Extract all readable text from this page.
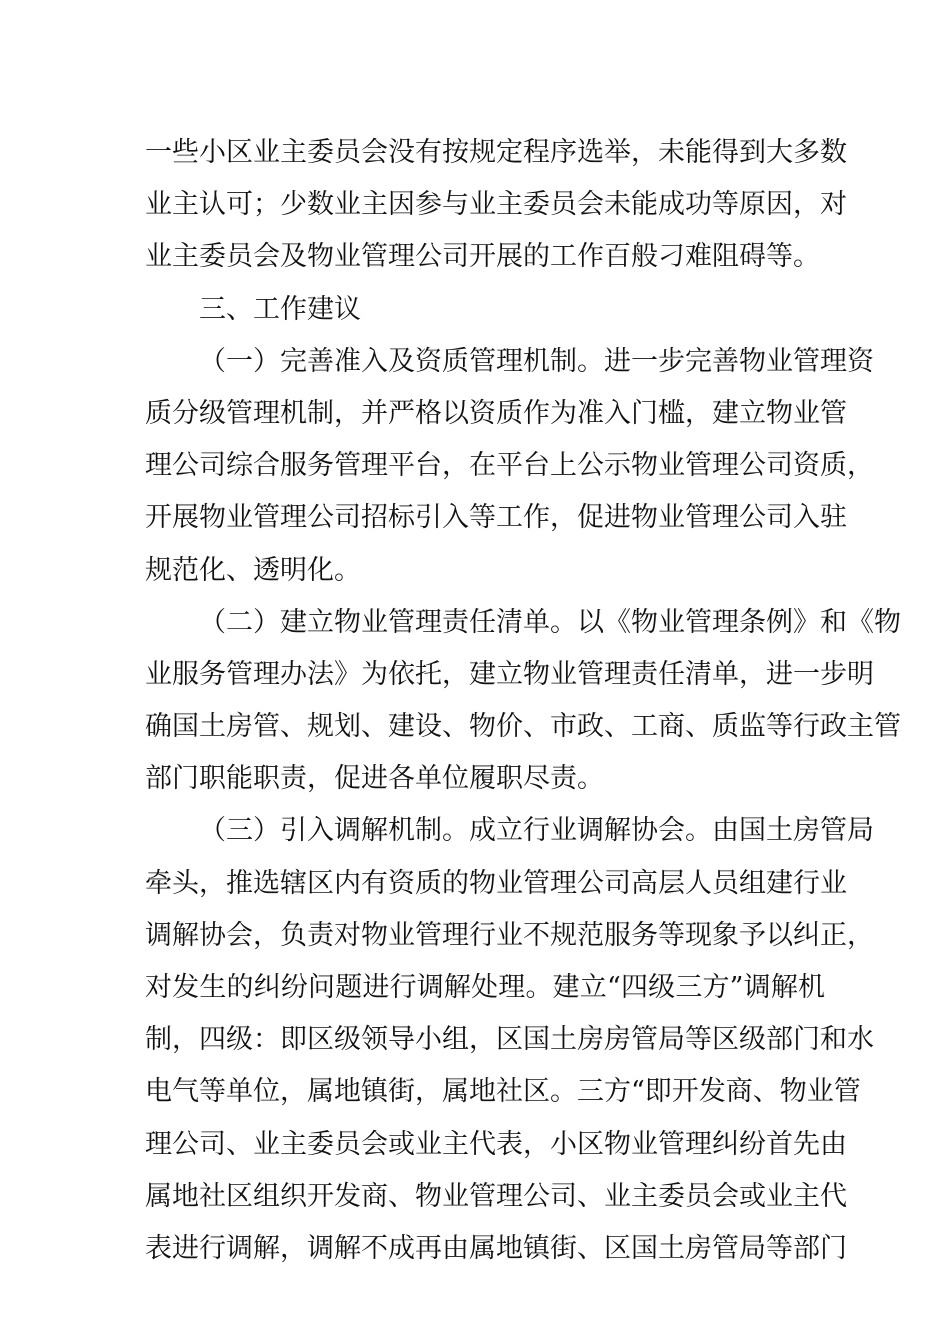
一些小区业主委员会没有按规定程序选举，未能得到大多数
业主认可；少数业主因参与业主委员会未能成功等原因，对
业主委员会及物业管理公司开展的工作百般刁难阻碍等。
三、工作建议
（一）完善准入及资质管理机制。进一步完善物业管理资
质分级管理机制，并严格以资质作为准入门槛，建立物业管
理公司综合服务管理平台，在平台上公示物业管理公司资质，
开展物业管理公司招标引入等工作，促进物业管理公司入驻
规范化、透明化。
（二）建立物业管理责任清单。以《物业管理条例》和《物
业服务管理办法》为依托，建立物业管理责任清单，进一步明
确国土房管、规划、建设、物价、市政、工商、质监等行政主管
部门职能职责，促进各单位履职尽责。
（三）引入调解机制。成立行业调解协会。由国土房管局
牵头，推选辖区内有资质的物业管理公司高层人员组建行业
调解协会，负责对物业管理行业不规范服务等现象予以纠正，
对发生的纠纷问题进行调解处理。建立“四级三方”调解机
制，四级：即区级领导小组，区国土房房管局等区级部门和水
电气等单位，属地镇街，属地社区。三方“即开发商、物业管
理公司、业主委员会或业主代表，小区物业管理纠纷首先由
属地社区组织开发商、物业管理公司、业主委员会或业主代
表进行调解，调解不成再由属地镇街、区国土房管局等部门
